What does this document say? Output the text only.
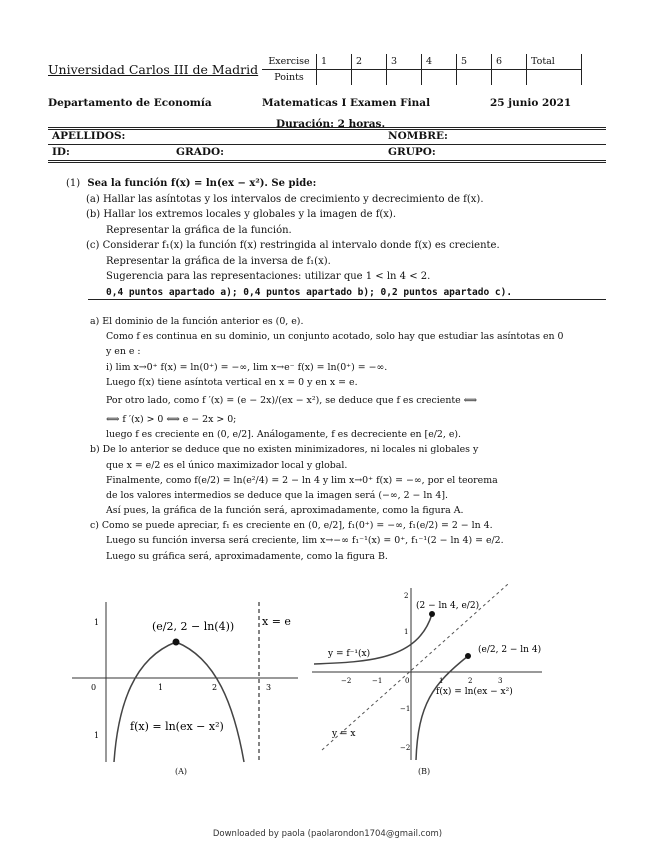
Universidad Carlos III de Madrid
Exercise	1	2	3	4	5	6	Total	
Points								
Departamento de Economía	Matematicas I Examen Final	25 junio 2021
Duración: 2 horas.
APELLIDOS:	NOMBRE:
ID:	GRADO:	GRUPO:
(1) Sea la función f(x) = ln(ex − x²). Se pide:
(a) Hallar las asíntotas y los intervalos de crecimiento y decrecimiento de f(x).
(b) Hallar los extremos locales y globales y la imagen de f(x).
Representar la gráfica de la función.
(c) Considerar f₁(x) la función f(x) restringida al intervalo donde f(x) es creciente.
Representar la gráfica de la inversa de f₁(x).
Sugerencia para las representaciones: utilizar que 1 < ln 4 < 2.
0,4 puntos apartado a); 0,4 puntos apartado b); 0,2 puntos apartado c).
a) El dominio de la función anterior es (0, e).
Como f es continua en su dominio, un conjunto acotado, solo hay que estudiar las asíntotas en 0
y en e :
i) lim x→0⁺ f(x) = ln(0⁺) = −∞, lim x→e⁻ f(x) = ln(0⁺) = −∞.
Luego f(x) tiene asíntota vertical en x = 0 y en x = e.
Por otro lado, como f ′(x) = (e − 2x)/(ex − x²), se deduce que f es creciente ⟺
⟺ f ′(x) > 0 ⟺ e − 2x > 0;
luego f es creciente en (0, e/2]. Análogamente, f es decreciente en [e/2, e).
b) De lo anterior se deduce que no existen minimizadores, ni locales ni globales y
que x = e/2 es el único maximizador local y global.
Finalmente, como f(e/2) = ln(e²/4) = 2 − ln 4 y lim x→0⁺ f(x) = −∞, por el teorema
de los valores intermedios se deduce que la imagen será (−∞, 2 − ln 4].
Así pues, la gráfica de la función será, aproximadamente, como la figura A.
c) Como se puede apreciar, f₁ es creciente en (0, e/2], f₁(0⁺) = −∞, f₁(e/2) = 2 − ln 4.
Luego su función inversa será creciente, lim x→−∞ f₁⁻¹(x) = 0⁺, f₁⁻¹(2 − ln 4) = e/2.
Luego su gráfica será, aproximadamente, como la figura B.
0	1	2	3
1
1
(e/2, 2 − ln(4))	x = e
f(x) = ln(ex − x²)
(A)
−2	−1	0	1	2	3
2
1
−1
−2
(2 − ln 4, e/2)
(e/2, 2 − ln 4)
y = f⁻¹(x)
f(x) = ln(ex − x²)
y = x
(B)
Downloaded by paola (paolarondon1704@gmail.com)
